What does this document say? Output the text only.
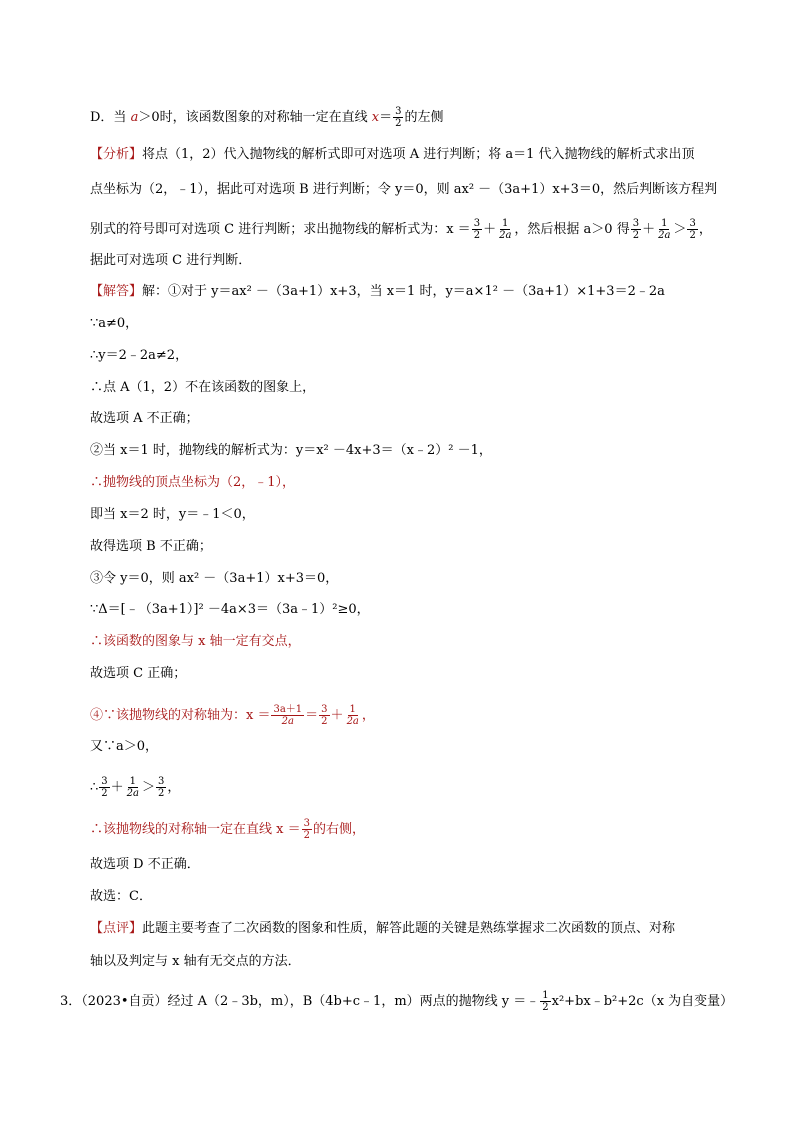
D．当 a＞0时，该函数图象的对称轴一定在直线 $x= \frac{3}{2}$ 的左侧
【分析】将点（1，2）代入抛物线的解析式即可对选项 A 进行判断；将 a＝1 代入抛物线的解析式求出顶
点坐标为（2，﹣1），据此可对选项 B 进行判断；令 y＝0，则 ax² －（3a+1）x+3＝0，然后判断该方程判
别式的符号即可对选项 C 进行判断；求出抛物线的解析式为：$x = \frac{3}{2} + \frac{1}{2a}$ ，然后根据 a＞0 得 $\frac{3}{2} + \frac{1}{2a} > \frac{3}{2}$ ，
据此可对选项 C 进行判断．
【解答】解：①对于 y＝ax² －（3a+1）x+3，当 x＝1 时，y＝a×1² －（3a+1）×1+3＝2﹣2a
∵a≠0，
∴y＝2﹣2a≠2，
∴点 A（1，2）不在该函数的图象上，
故选项 A 不正确；
②当 x＝1 时，抛物线的解析式为：y＝x² －4x+3＝（x﹣2）² －1，
∴抛物线的顶点坐标为（2，﹣1），
即当 x＝2 时，y＝﹣1＜0，
故得选项 B 不正确；
③令 y＝0，则 ax² －（3a+1）x+3＝0，
∵Δ＝[﹣（3a+1）]² －4a×3＝（3a﹣1）²≥0，
∴该函数的图象与 x 轴一定有交点，
故选项 C 正确；
④∵该抛物线的对称轴为：$x = \frac{3a+1}{2a} = \frac{3}{2} + \frac{1}{2a}$ ，
又∵a＞0，
∴ $\frac{3}{2} + \frac{1}{2a} > \frac{3}{2}$ ，
∴该抛物线的对称轴一定在直线 $x = \frac{3}{2}$ 的右侧，
故选项 D 不正确．
故选：C．
【点评】此题主要考查了二次函数的图象和性质，解答此题的关键是熟练掌握求二次函数的顶点、对称
轴以及判定与 x 轴有无交点的方法．
3．（2023•自贡）经过 A（2﹣3b，m），B（4b+c﹣1，m）两点的抛物线 y ＝﹣ $\frac{1}{2}$ x²+bx﹣b²+2c（x 为自变量）
